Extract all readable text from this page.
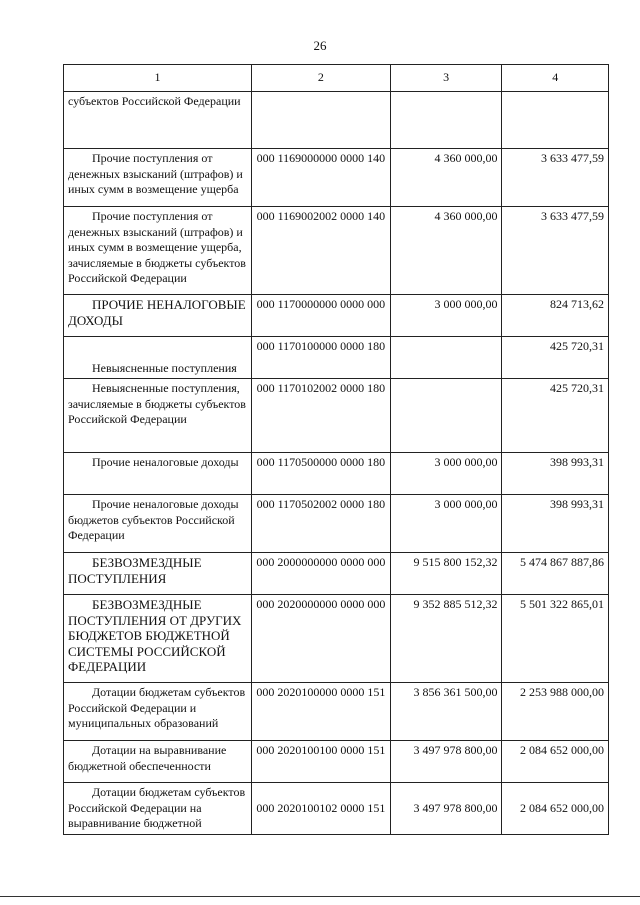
26
1	2	3	4
субъектов Российской Федерации			
Прочие поступления от денежных взысканий (штрафов) и иных сумм в возмещение ущерба	000 1169000000 0000 140	4 360 000,00	3 633 477,59
Прочие поступления от денежных взысканий (штрафов) и иных сумм в возмещение ущерба, зачисляемые в бюджеты субъектов Российской Федерации	000 1169002002 0000 140	4 360 000,00	3 633 477,59
ПРОЧИЕ НЕНАЛОГОВЫЕ ДОХОДЫ	000 1170000000 0000 000	3 000 000,00	824 713,62
Невыясненные поступления	000 1170100000 0000 180		425 720,31
Невыясненные поступления, зачисляемые в бюджеты субъектов Российской Федерации	000 1170102002 0000 180		425 720,31
Прочие неналоговые доходы	000 1170500000 0000 180	3 000 000,00	398 993,31
Прочие неналоговые доходы бюджетов субъектов Российской Федерации	000 1170502002 0000 180	3 000 000,00	398 993,31
БЕЗВОЗМЕЗДНЫЕ ПОСТУПЛЕНИЯ	000 2000000000 0000 000	9 515 800 152,32	5 474 867 887,86
БЕЗВОЗМЕЗДНЫЕ ПОСТУПЛЕНИЯ ОТ ДРУГИХ БЮДЖЕТОВ БЮДЖЕТНОЙ СИСТЕМЫ РОССИЙСКОЙ ФЕДЕРАЦИИ	000 2020000000 0000 000	9 352 885 512,32	5 501 322 865,01
Дотации бюджетам субъектов Российской Федерации и муниципальных образований	000 2020100000 0000 151	3 856 361 500,00	2 253 988 000,00
Дотации на выравнивание бюджетной обеспеченности	000 2020100100 0000 151	3 497 978 800,00	2 084 652 000,00
Дотации бюджетам субъектов Российской Федерации на выравнивание бюджетной	000 2020100102 0000 151	3 497 978 800,00	2 084 652 000,00
